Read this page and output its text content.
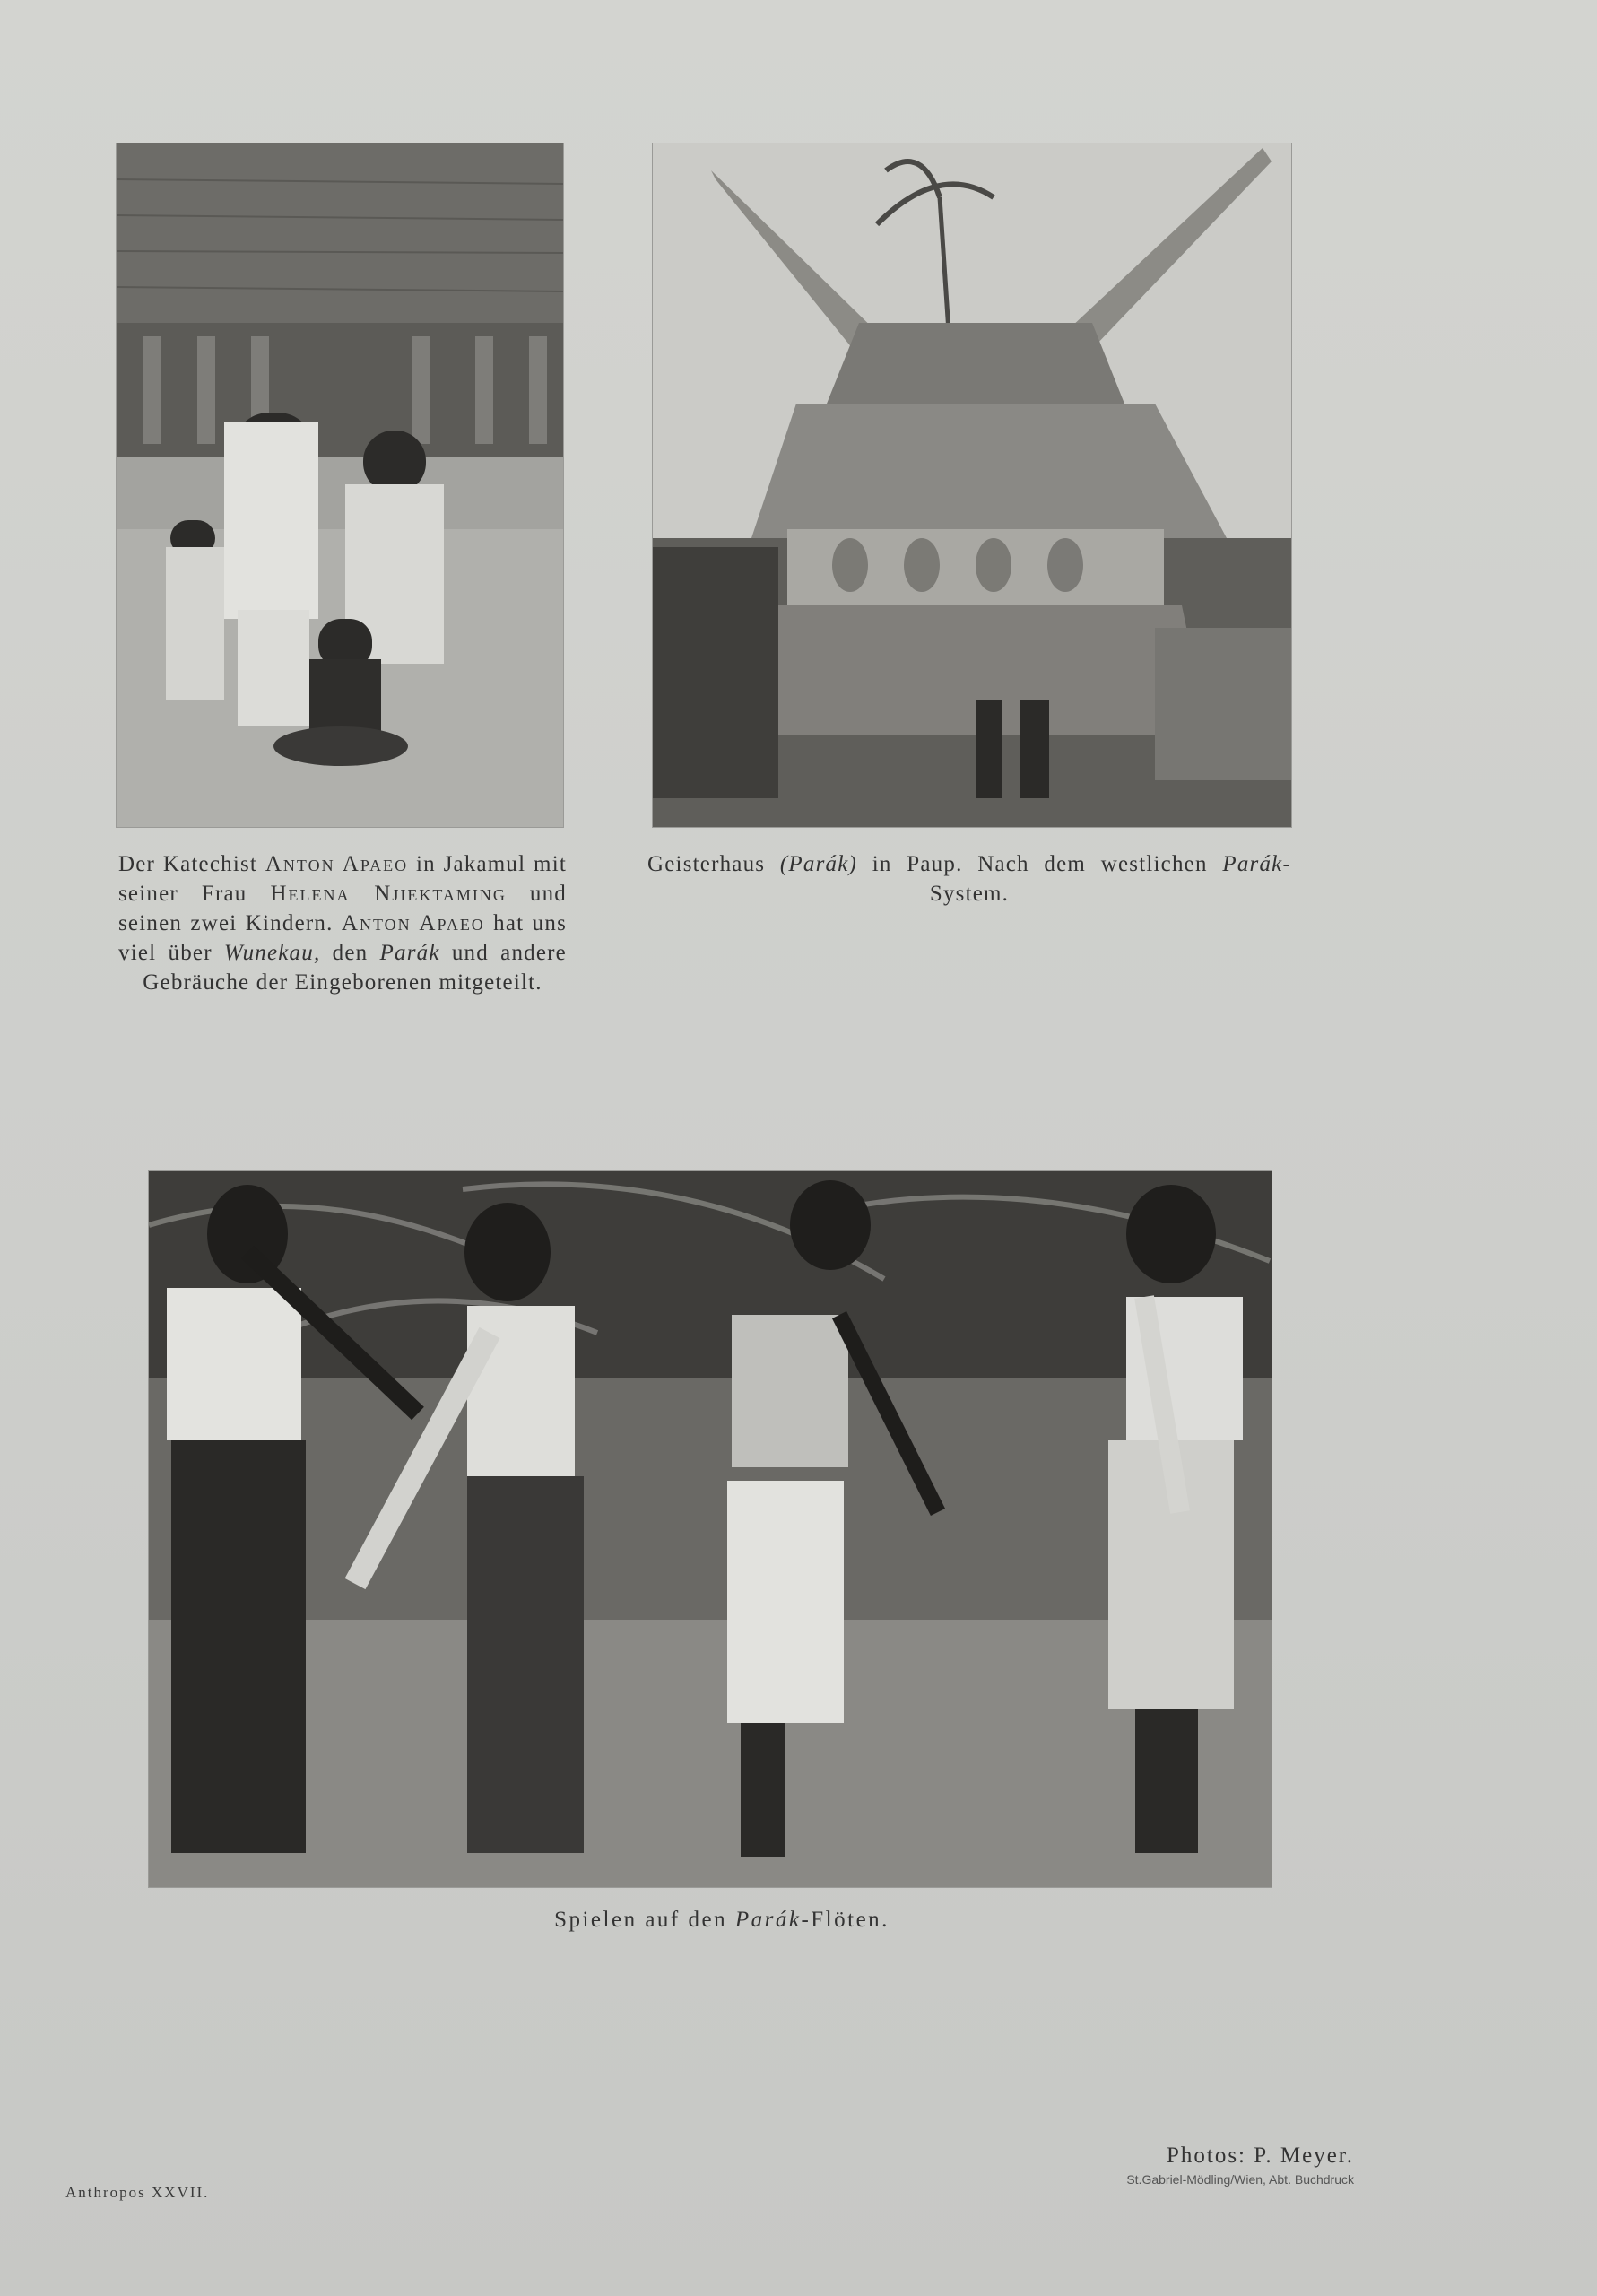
Der Katechist Anton Apaeo in Jakamul mit seiner Frau Helena Njiektaming und seinen zwei Kindern. Anton Apaeo hat uns viel über Wunekau, den Parák und andere Gebräuche der Eingeborenen mitgeteilt.
Geisterhaus (Parák) in Paup. Nach dem westlichen Parák-System.
Spielen auf den Parák-Flöten.
Anthropos XXVII.
Photos: P. Meyer.
St.Gabriel-Mödling/Wien, Abt. Buchdruck
